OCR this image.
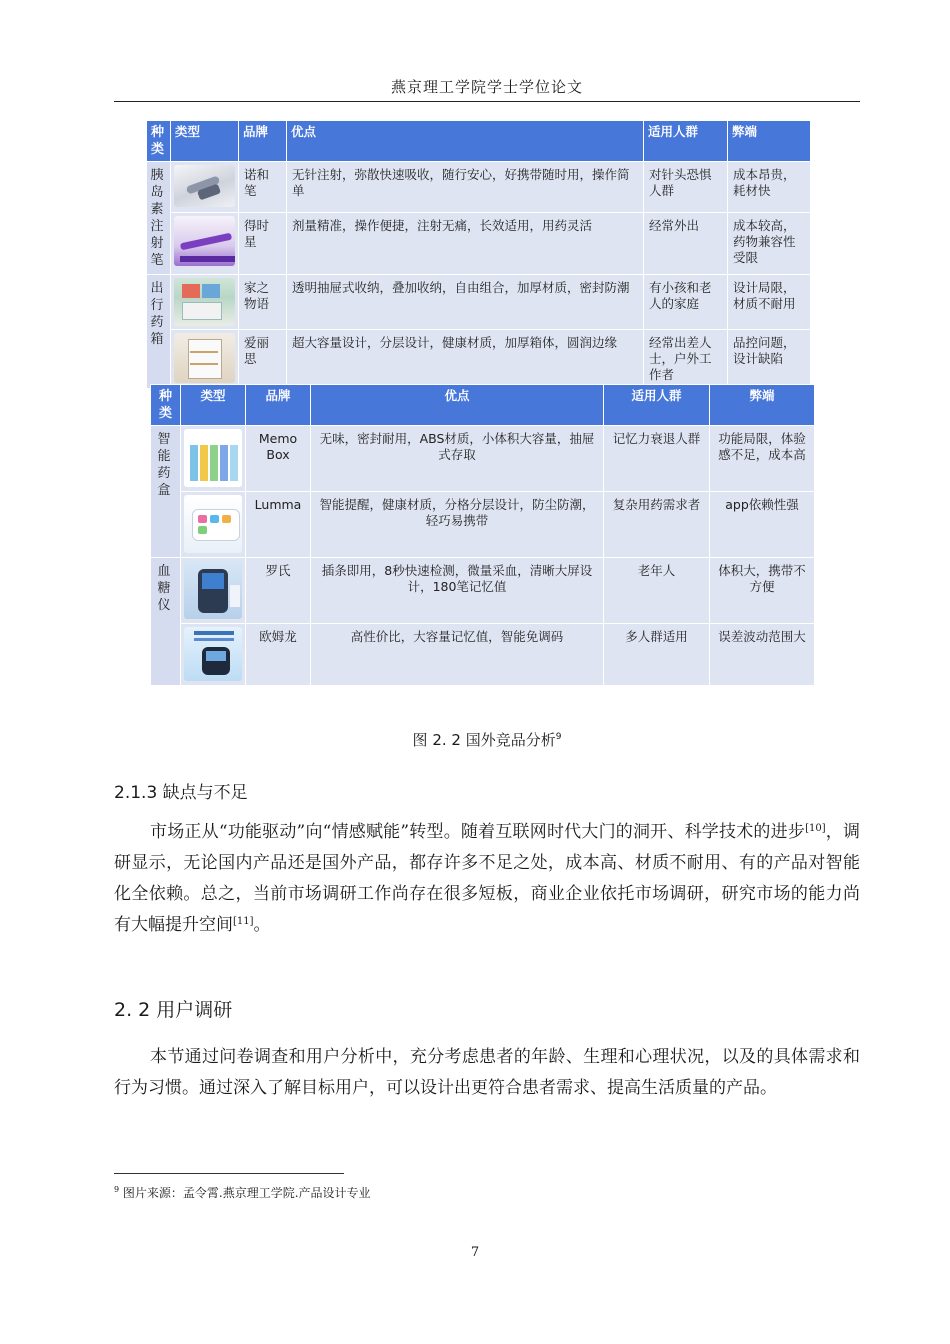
燕京理工学院学士学位论文
种类	类型	品牌	优点	适用人群	弊端

胰岛素注射笔		诺和笔	无针注射，弥散快速吸收，随行安心，好携带随时用，操作简单	对针头恐惧人群	成本昂贵，耗材快

		得时星	剂量精准，操作便捷，注射无痛，长效适用，用药灵活	经常外出	成本较高，药物兼容性受限

出行药箱		家之物语	透明抽屉式收纳，叠加收纳，自由组合，加厚材质，密封防潮	有小孩和老人的家庭	设计局限，材质不耐用

		爱丽思	超大容量设计，分层设计，健康材质，加厚箱体，圆润边缘	经常出差人士，户外工作者	品控问题，设计缺陷
种类	类型	品牌	优点	适用人群	弊端

智能药盒		Memo Box	无味，密封耐用，ABS材质，小体积大容量，抽屉式存取	记忆力衰退人群	功能局限，体验感不足，成本高

		Lumma	智能提醒，健康材质，分格分层设计，防尘防潮，轻巧易携带	复杂用药需求者	app依赖性强

血糖仪		罗氏	插条即用，8秒快速检测，微量采血，清晰大屏设计，180笔记忆值	老年人	体积大，携带不方便

		欧姆龙	高性价比，大容量记忆值，智能免调码	多人群适用	误差波动范围大
图 2. 2 国外竞品分析$^9$
2.1.3 缺点与不足
市场正从“功能驱动”向“情感赋能”转型。随着互联网时代大门的洞开、科学技术的进步[10]，调研显示，无论国内产品还是国外产品，都存许多不足之处，成本高、材质不耐用、有的产品对智能化全依赖。总之，当前市场调研工作尚存在很多短板，商业企业依托市场调研，研究市场的能力尚有大幅提升空间[11]。
2. 2 用户调研
本节通过问卷调查和用户分析中，充分考虑患者的年龄、生理和心理状况，以及的具体需求和行为习惯。通过深入了解目标用户，可以设计出更符合患者需求、提高生活质量的产品。
$^9$ 图片来源：孟令霄.燕京理工学院.产品设计专业
7
